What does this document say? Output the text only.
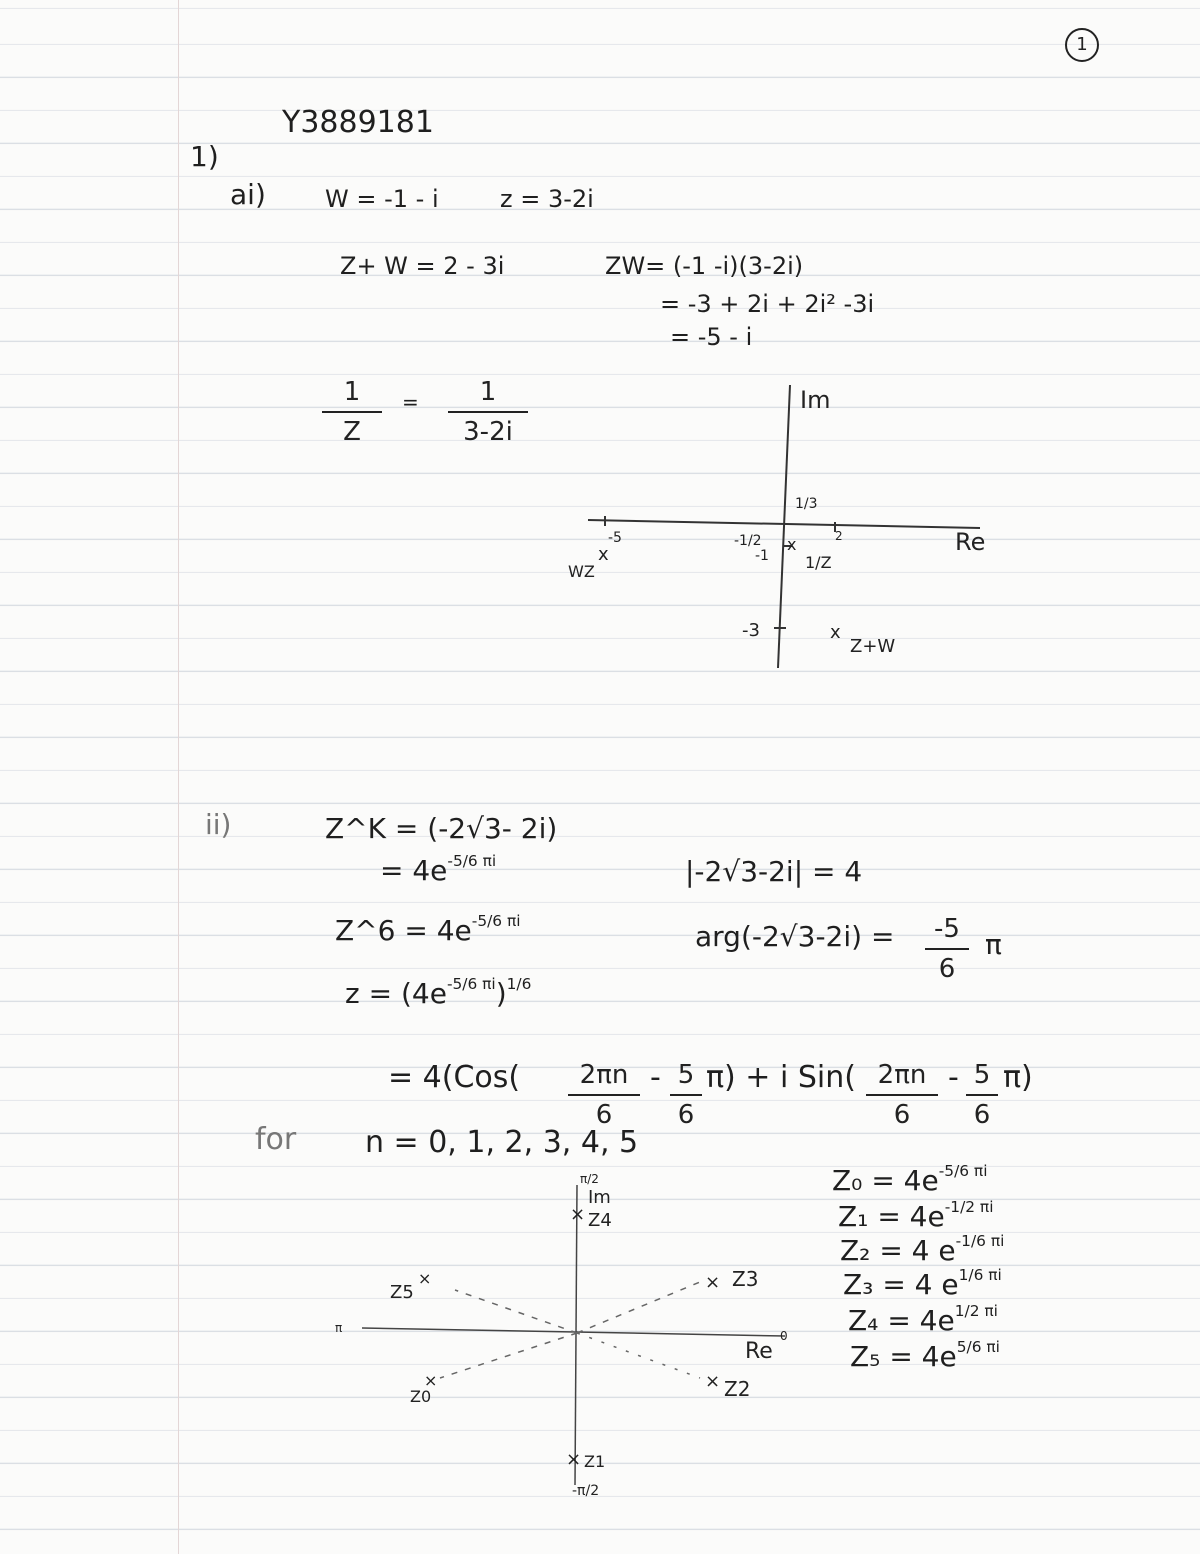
1
Y3889181
1)
ai) W = -1 - i	z = 3-2i
Z+ W = 2 - 3i	ZW= (-1 -i)(3-2i)
= -3 + 2i + 2i² -3i
= -5 - i
1
Z
=	1
3-2i
Im
Re
1/3
-5	-1/2
-1
2
-3
x
WZ
x
1/Z
x
Z+W
ii)	Z^K = (-2√3- 2i)
= $4e^{-5/6 \pi i}$	|-2√3-2i| = 4
Z^6 = $4e^{-5/6 \pi i}$	arg(-2√3-2i) =	-5
6
π
$z = (4e^{-5/6 \pi i})^{1/6}$
= 4(Cos(	2πn
6
- 5
6
π) + i Sin( 2πn
6
- 5
6
π)
for n = 0, 1, 2, 3, 4, 5
π/2
×
Im
Z4
× Z3
Z5
×
π
Re
0
×
Z0
× Z2
× Z1
-π/2
$Z_0 = 4e^{-5/6 \pi i}$
$Z_1 = 4e^{-1/2 \pi i}$
Z₂ = 4 $e^{-1/6 \pi i}$
Z₃ = 4 $e^{1/6 \pi i}$
$Z_4 = 4e^{1/2 \pi i}$
$Z_5 = 4e^{5/6 \pi i}$
